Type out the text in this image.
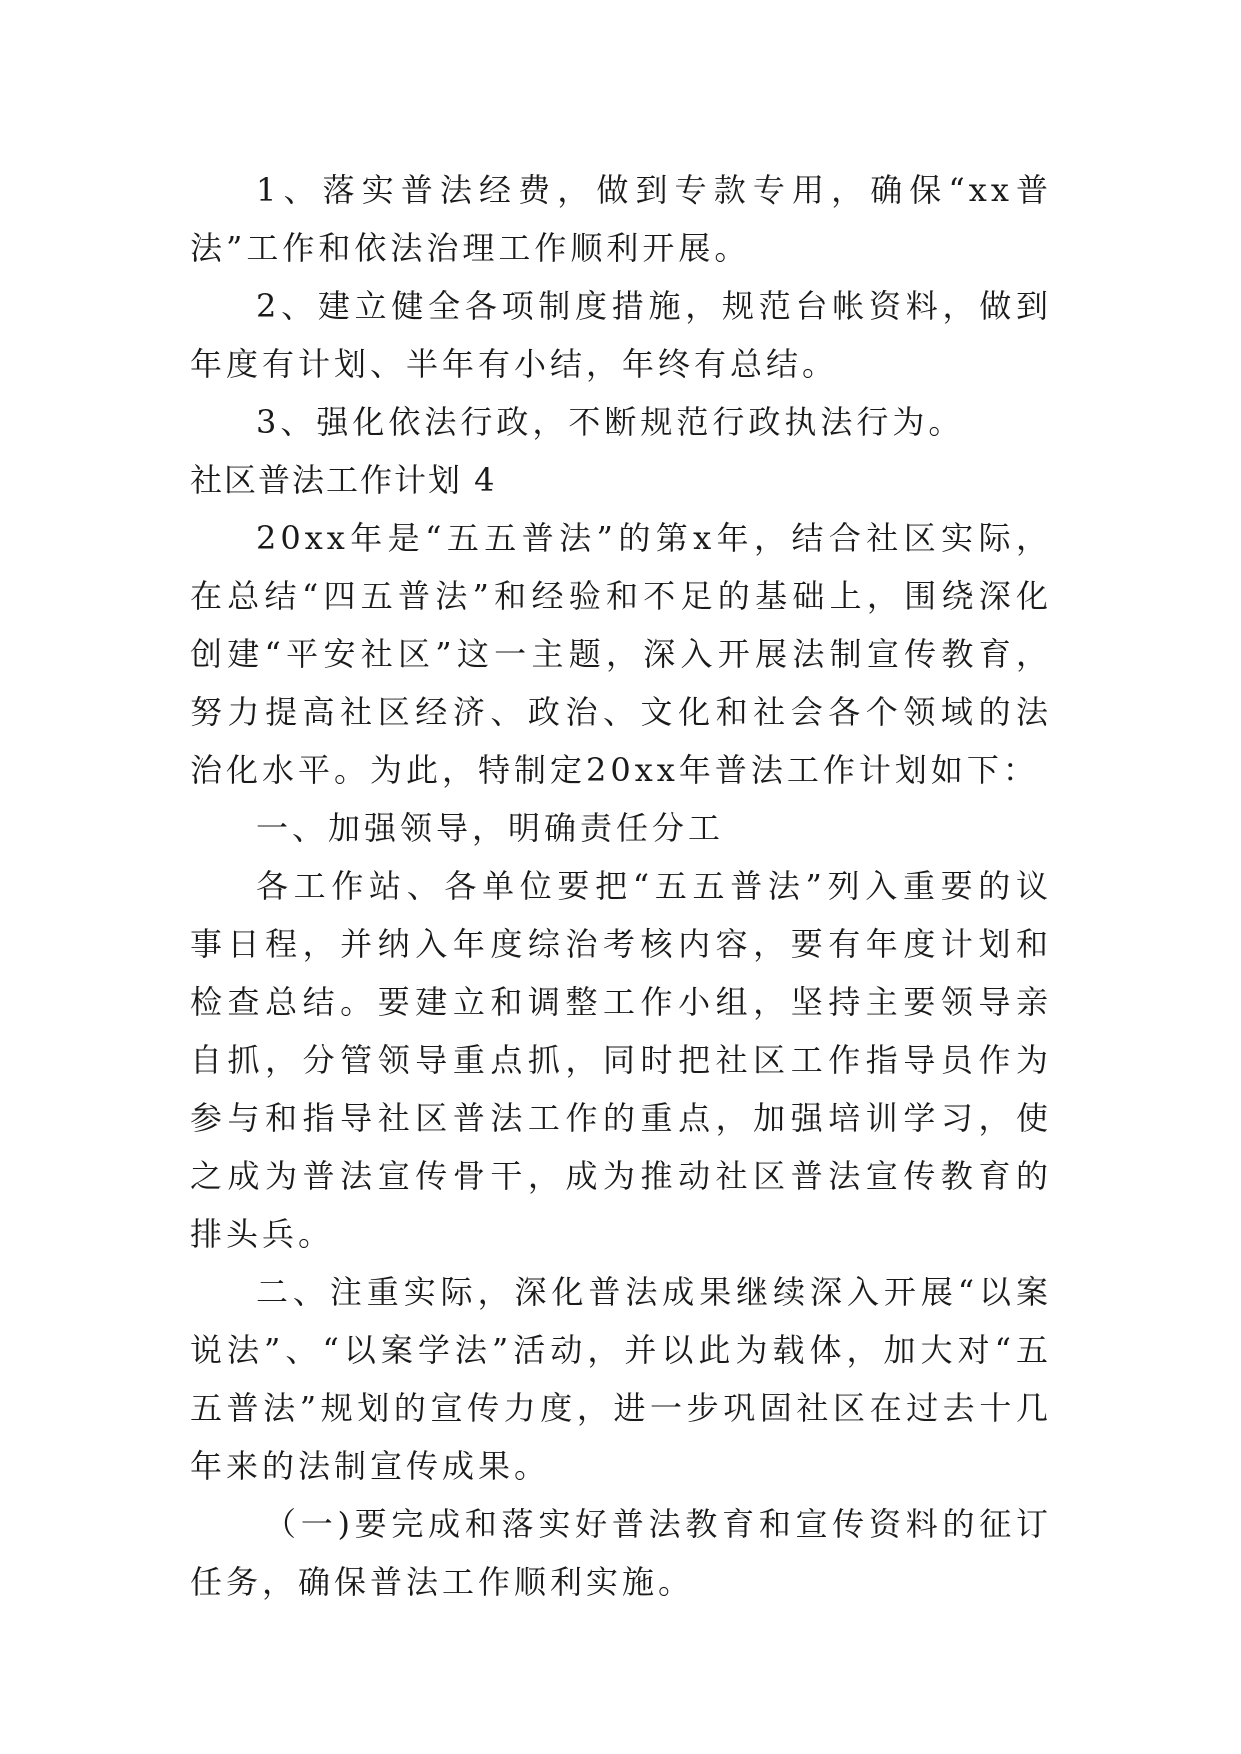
1、落实普法经费，做到专款专用，确保“xx普法”工作和依法治理工作顺利开展。

2、建立健全各项制度措施，规范台帐资料，做到年度有计划、半年有小结，年终有总结。

3、强化依法行政，不断规范行政执法行为。

社区普法工作计划 4

20xx年是“五五普法”的第x年，结合社区实际，在总结“四五普法”和经验和不足的基础上，围绕深化创建“平安社区”这一主题，深入开展法制宣传教育，努力提高社区经济、政治、文化和社会各个领域的法治化水平。为此，特制定20xx年普法工作计划如下：

一、加强领导，明确责任分工

各工作站、各单位要把“五五普法”列入重要的议事日程，并纳入年度综治考核内容，要有年度计划和检查总结。要建立和调整工作小组，坚持主要领导亲自抓，分管领导重点抓，同时把社区工作指导员作为参与和指导社区普法工作的重点，加强培训学习，使之成为普法宣传骨干，成为推动社区普法宣传教育的排头兵。

二、注重实际，深化普法成果继续深入开展“以案说法”、“以案学法”活动，并以此为载体，加大对“五五普法”规划的宣传力度，进一步巩固社区在过去十几年来的法制宣传成果。

（一)要完成和落实好普法教育和宣传资料的征订任务，确保普法工作顺利实施。
